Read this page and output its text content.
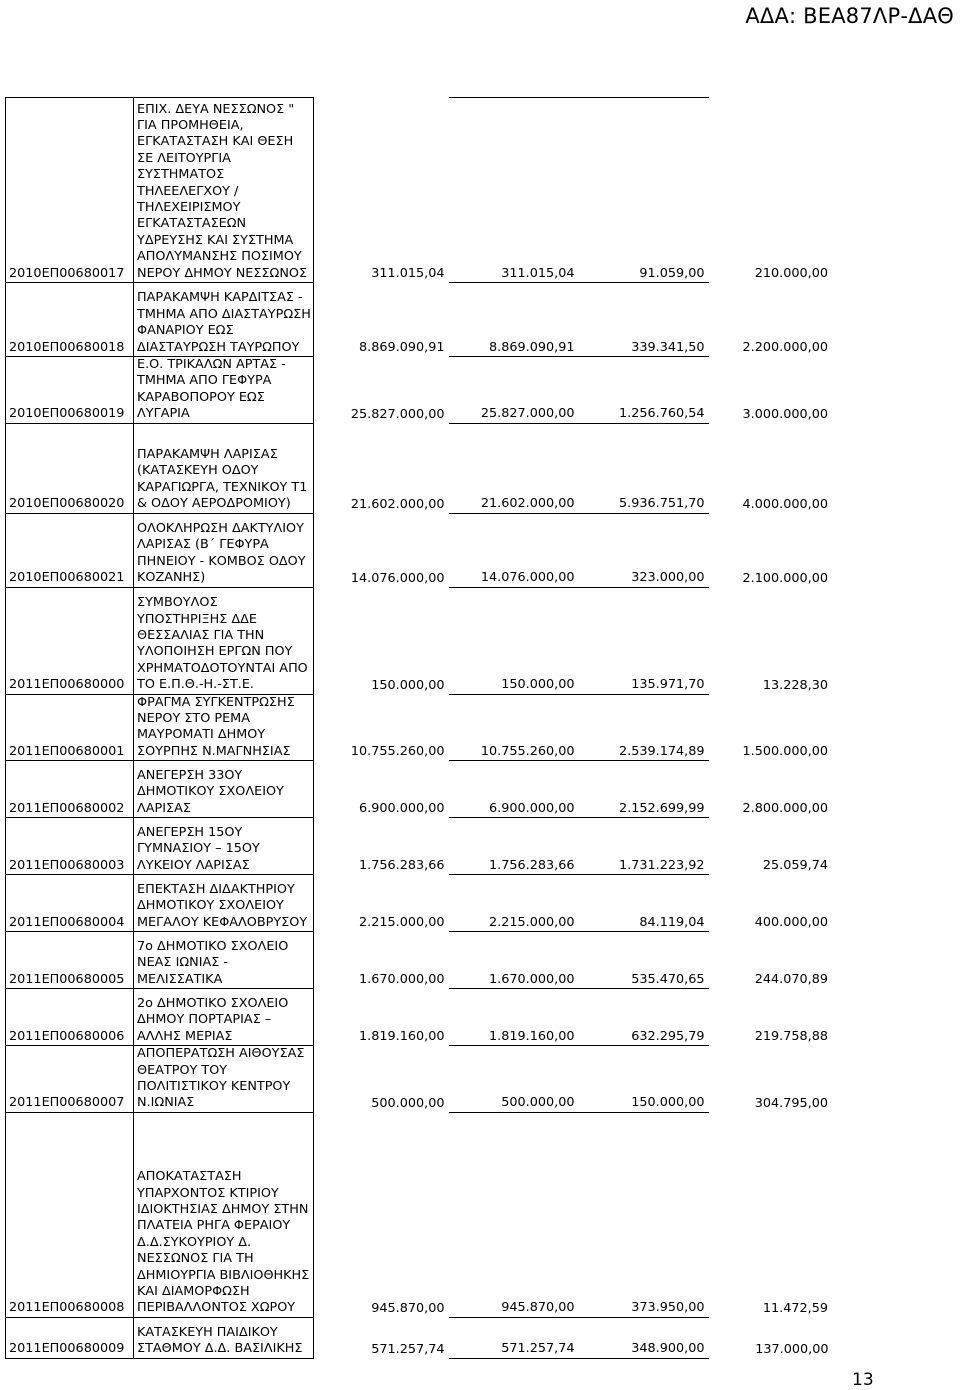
ΑΔΑ: ΒΕΑ87ΛΡ-ΔΑΘ
2010ΕΠ00680017	ΕΠΙΧ. ΔΕΥΑ ΝΕΣΣΩΝΟΣ " ΓΙΑ ΠΡΟΜΗΘΕΙΑ, ΕΓΚΑΤΑΣΤΑΣΗ ΚΑΙ ΘΕΣΗ ΣΕ ΛΕΙΤΟΥΡΓΙΑ ΣΥΣΤΗΜΑΤΟΣ ΤΗΛΕΕΛΕΓΧΟΥ / ΤΗΛΕΧΕΙΡΙΣΜΟΥ ΕΓΚΑΤΑΣΤΑΣΕΩΝ ΥΔΡΕΥΣΗΣ ΚΑΙ ΣΥΣΤΗΜΑ ΑΠΟΛΥΜΑΝΣΗΣ ΠΟΣΙΜΟΥ ΝΕΡΟΥ ΔΗΜΟΥ ΝΕΣΣΩΝΟΣ	311.015,04	311.015,04	91.059,00	210.000,00
2010ΕΠ00680018	ΠΑΡΑΚΑΜΨΗ ΚΑΡΔΙΤΣΑΣ - ΤΜΗΜΑ ΑΠΟ ΔΙΑΣΤΑΥΡΩΣΗ ΦΑΝΑΡΙΟΥ ΕΩΣ ΔΙΑΣΤΑΥΡΩΣΗ ΤΑΥΡΩΠΟΥ	8.869.090,91	8.869.090,91	339.341,50	2.200.000,00
2010ΕΠ00680019	Ε.Ο. ΤΡΙΚΑΛΩΝ ΑΡΤΑΣ - ΤΜΗΜΑ ΑΠΟ ΓΕΦΥΡΑ ΚΑΡΑΒΟΠΟΡΟΥ ΕΩΣ ΛΥΓΑΡΙΑ	25.827.000,00	25.827.000,00	1.256.760,54	3.000.000,00
2010ΕΠ00680020	ΠΑΡΑΚΑΜΨΗ ΛΑΡΙΣΑΣ (ΚΑΤΑΣΚΕΥΗ ΟΔΟΥ ΚΑΡΑΓΙΩΡΓΑ, ΤΕΧΝΙΚΟΥ Τ1 & ΟΔΟΥ ΑΕΡΟΔΡΟΜΙΟΥ)	21.602.000,00	21.602.000,00	5.936.751,70	4.000.000,00
2010ΕΠ00680021	ΟΛΟΚΛΗΡΩΣΗ ΔΑΚΤΥΛΙΟΥ ΛΑΡΙΣΑΣ (Β΄ ΓΕΦΥΡΑ ΠΗΝΕΙΟΥ - ΚΟΜΒΟΣ ΟΔΟΥ ΚΟΖΑΝΗΣ)	14.076.000,00	14.076.000,00	323.000,00	2.100.000,00
2011ΕΠ00680000	ΣΥΜΒΟΥΛΟΣ ΥΠΟΣΤΗΡΙΞΗΣ ΔΔΕ ΘΕΣΣΑΛΙΑΣ ΓΙΑ ΤΗΝ ΥΛΟΠΟΙΗΣΗ ΕΡΓΩΝ ΠΟΥ ΧΡΗΜΑΤΟΔΟΤΟΥΝΤΑΙ ΑΠΟ ΤΟ Ε.Π.Θ.-Η.-ΣΤ.Ε.	150.000,00	150.000,00	135.971,70	13.228,30
2011ΕΠ00680001	ΦΡΑΓΜΑ ΣΥΓΚΕΝΤΡΩΣΗΣ ΝΕΡΟΥ ΣΤΟ ΡΕΜΑ ΜΑΥΡΟΜΑΤΙ ΔΗΜΟΥ ΣΟΥΡΠΗΣ Ν.ΜΑΓΝΗΣΙΑΣ	10.755.260,00	10.755.260,00	2.539.174,89	1.500.000,00
2011ΕΠ00680002	ΑΝΕΓΕΡΣΗ 33ΟΥ ΔΗΜΟΤΙΚΟΥ ΣΧΟΛΕΙΟΥ ΛΑΡΙΣΑΣ	6.900.000,00	6.900.000,00	2.152.699,99	2.800.000,00
2011ΕΠ00680003	ΑΝΕΓΕΡΣΗ 15ΟΥ ΓΥΜΝΑΣΙΟΥ – 15ΟΥ ΛΥΚΕΙΟΥ ΛΑΡΙΣΑΣ	1.756.283,66	1.756.283,66	1.731.223,92	25.059,74
2011ΕΠ00680004	ΕΠΕΚΤΑΣΗ ΔΙΔΑΚΤΗΡΙΟΥ ΔΗΜΟΤΙΚΟΥ ΣΧΟΛΕΙΟΥ ΜΕΓΑΛΟΥ ΚΕΦΑΛΟΒΡΥΣΟΥ	2.215.000,00	2.215.000,00	84.119,04	400.000,00
2011ΕΠ00680005	7ο ΔΗΜΟΤΙΚΟ ΣΧΟΛΕΙΟ ΝΕΑΣ ΙΩΝΙΑΣ - ΜΕΛΙΣΣΑΤΙΚΑ	1.670.000,00	1.670.000,00	535.470,65	244.070,89
2011ΕΠ00680006	2ο ΔΗΜΟΤΙΚΟ ΣΧΟΛΕΙΟ ΔΗΜΟΥ ΠΟΡΤΑΡΙΑΣ – ΑΛΛΗΣ ΜΕΡΙΑΣ	1.819.160,00	1.819.160,00	632.295,79	219.758,88
2011ΕΠ00680007	ΑΠΟΠΕΡΑΤΩΣΗ ΑΙΘΟΥΣΑΣ ΘΕΑΤΡΟΥ ΤΟΥ ΠΟΛΙΤΙΣΤΙΚΟΥ ΚΕΝΤΡΟΥ Ν.ΙΩΝΙΑΣ	500.000,00	500.000,00	150.000,00	304.795,00
2011ΕΠ00680008	ΑΠΟΚΑΤΑΣΤΑΣΗ ΥΠΑΡΧΟΝΤΟΣ ΚΤΙΡΙΟΥ ΙΔΙΟΚΤΗΣΙΑΣ ΔΗΜΟΥ ΣΤΗΝ ΠΛΑΤΕΙΑ ΡΗΓΑ ΦΕΡΑΙΟΥ Δ.Δ.ΣΥΚΟΥΡΙΟΥ Δ. ΝΕΣΣΩΝΟΣ ΓΙΑ ΤΗ ΔΗΜΙΟΥΡΓΙΑ ΒΙΒΛΙΟΘΗΚΗΣ ΚΑΙ ΔΙΑΜΟΡΦΩΣΗ ΠΕΡΙΒΑΛΛΟΝΤΟΣ ΧΩΡΟΥ	945.870,00	945.870,00	373.950,00	11.472,59
2011ΕΠ00680009	ΚΑΤΑΣΚΕΥΗ ΠΑΙΔΙΚΟΥ ΣΤΑΘΜΟΥ Δ.Δ. ΒΑΣΙΛΙΚΗΣ	571.257,74	571.257,74	348.900,00	137.000,00
13
